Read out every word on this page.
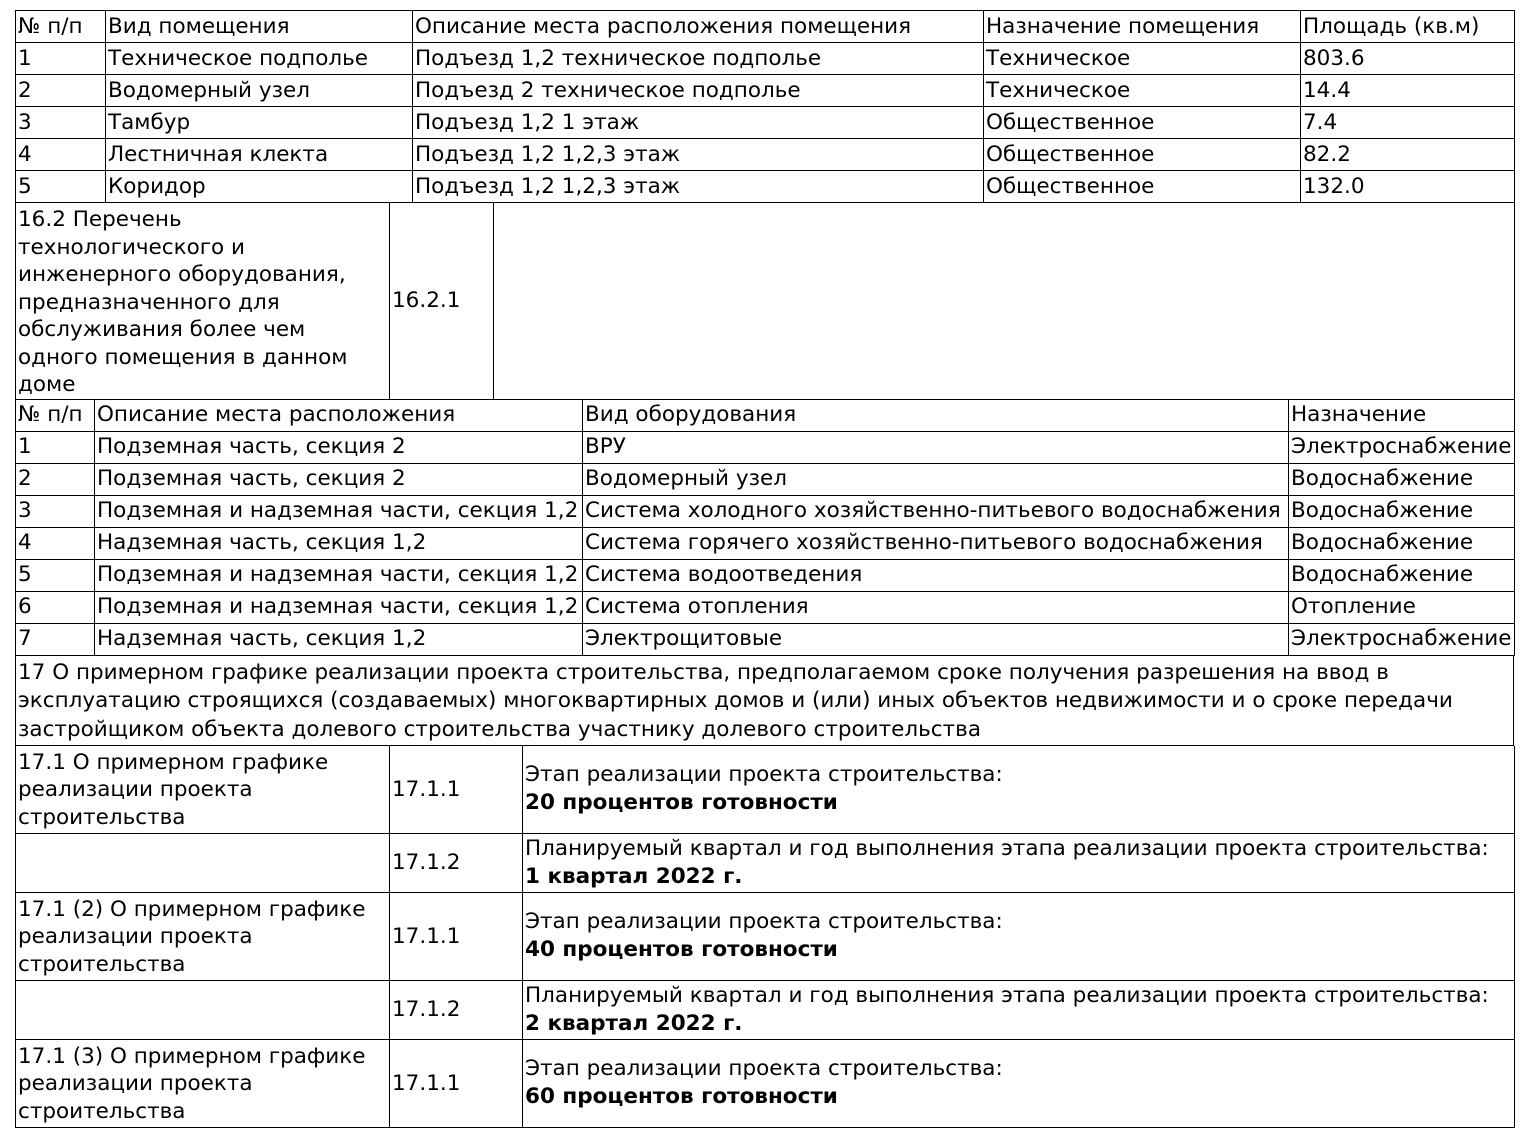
№ п/п	Вид помещения	Описание места расположения помещения	Назначение помещения	Площадь (кв.м)
1	Техническое подполье	Подъезд 1,2 техническое подполье	Техническое	803.6
2	Водомерный узел	Подъезд 2 техническое подполье	Техническое	14.4
3	Тамбур	Подъезд 1,2 1 этаж	Общественное	7.4
4	Лестничная клекта	Подъезд 1,2 1,2,3 этаж	Общественное	82.2
5	Коридор	Подъезд 1,2 1,2,3 этаж	Общественное	132.0
16.2 Перечень технологического и инженерного оборудования, предназначенного для обслуживания более чем одного помещения в данном доме	16.2.1	
№ п/п	Описание места расположения	Вид оборудования	Назначение
1	Подземная часть, секция 2	ВРУ	Электроснабжение
2	Подземная часть, секция 2	Водомерный узел	Водоснабжение
3	Подземная и надземная части, секция 1,2	Система холодного хозяйственно-питьевого водоснабжения	Водоснабжение
4	Надземная часть, секция 1,2	Система горячего хозяйственно-питьевого водоснабжения	Водоснабжение
5	Подземная и надземная части, секция 1,2	Система водоотведения	Водоснабжение
6	Подземная и надземная части, секция 1,2	Система отопления	Отопление
7	Надземная часть, секция 1,2	Электрощитовые	Электроснабжение
17 О примерном графике реализации проекта строительства, предполагаемом сроке получения разрешения на ввод в эксплуатацию строящихся (создаваемых) многоквартирных домов и (или) иных объектов недвижимости и о сроке передачи застройщиком объекта долевого строительства участнику долевого строительства
17.1 О примерном графике реализации проекта строительства	17.1.1	Этап реализации проекта строительства:
20 процентов готовности

	17.1.2	Планируемый квартал и год выполнения этапа реализации проекта строительства:
1 квартал 2022 г.

17.1 (2) О примерном графике реализации проекта строительства	17.1.1	Этап реализации проекта строительства:
40 процентов готовности

	17.1.2	Планируемый квартал и год выполнения этапа реализации проекта строительства:
2 квартал 2022 г.

17.1 (3) О примерном графике реализации проекта строительства	17.1.1	Этап реализации проекта строительства:
60 процентов готовности
